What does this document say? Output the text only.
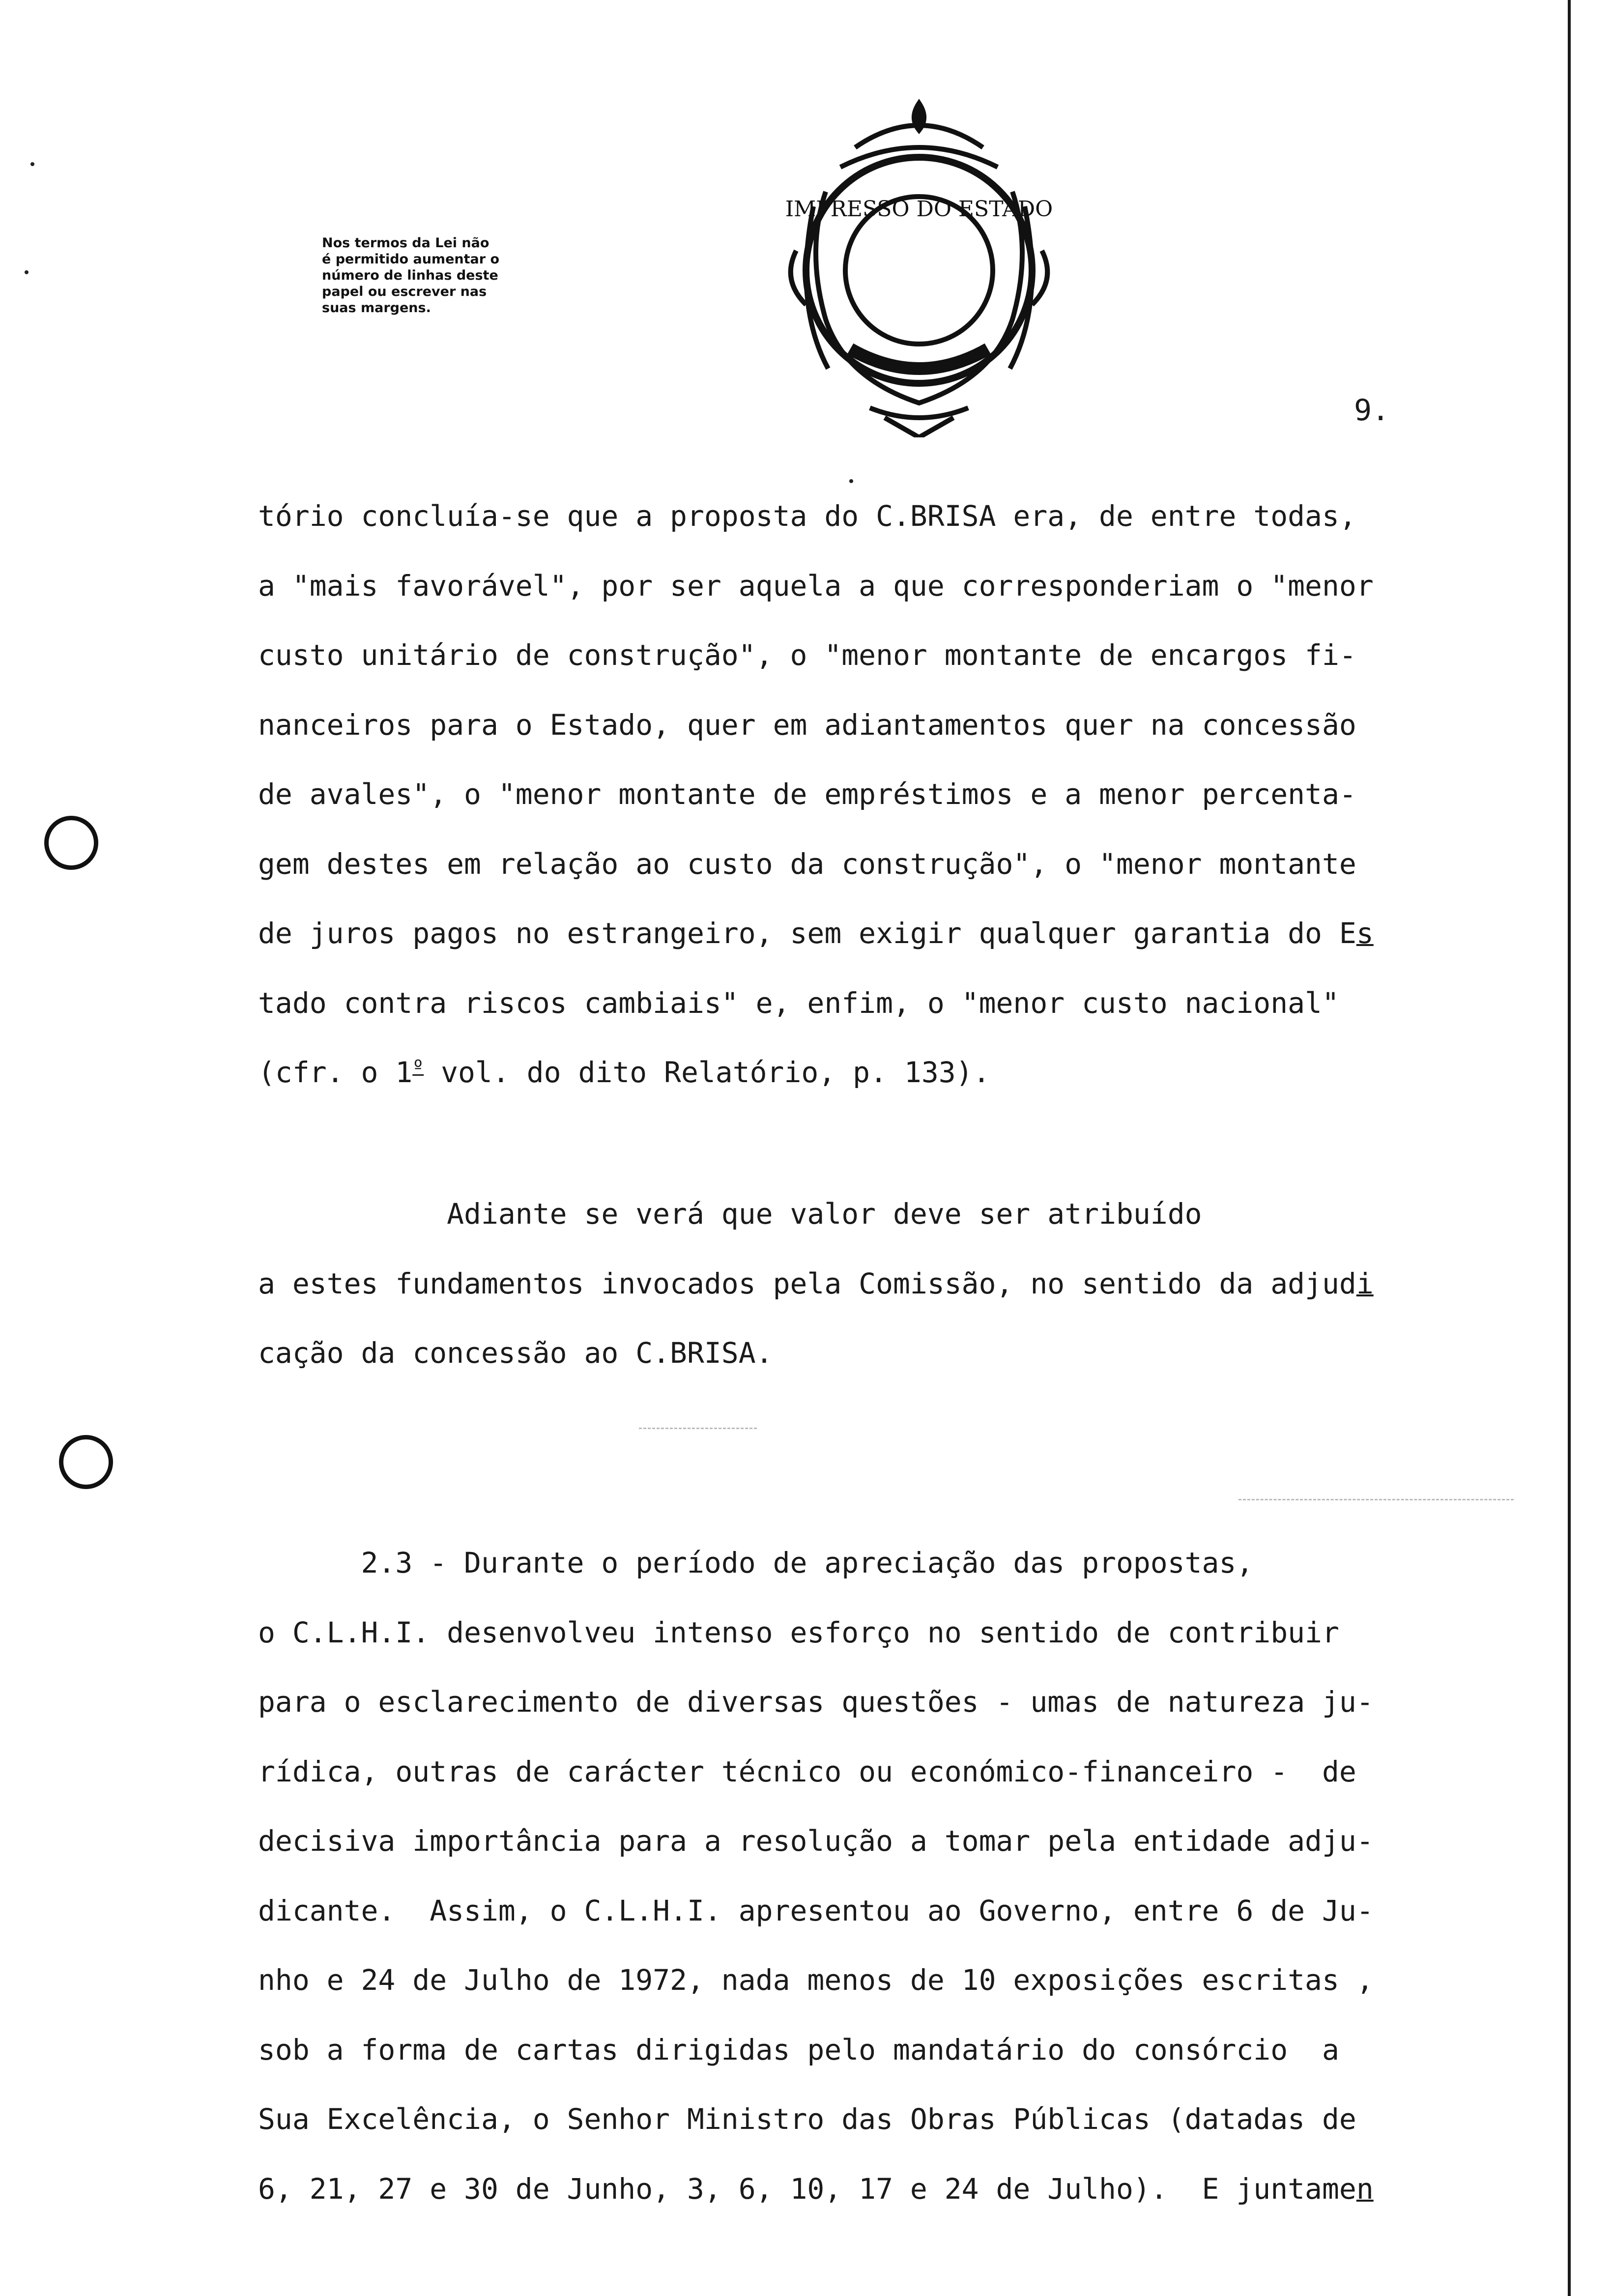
Nos termos da Lei não
é permitido aumentar o
número de linhas deste
papel ou escrever nas
suas margens.
IMPRESSO DO ESTADO
9.
tório concluía-se que a proposta do C.BRISA era, de entre todas,
a "mais favorável", por ser aquela a que corresponderiam o "menor
custo unitário de construção", o "menor montante de encargos fi-
nanceiros para o Estado, quer em adiantamentos quer na concessão
de avales", o "menor montante de empréstimos e a menor percenta-
gem destes em relação ao custo da construção", o "menor montante
de juros pagos no estrangeiro, sem exigir qualquer garantia do Es
tado contra riscos cambiais" e, enfim, o "menor custo nacional"
(cfr. o $1^º$ vol. do dito Relatório, p. 133).
Adiante se verá que valor deve ser atribuído
a estes fundamentos invocados pela Comissão, no sentido da adjudi
cação da concessão ao C.BRISA.
2.3 - Durante o período de apreciação das propostas,
o C.L.H.I. desenvolveu intenso esforço no sentido de contribuir
para o esclarecimento de diversas questões - umas de natureza ju-
rídica, outras de carácter técnico ou económico-financeiro -  de
decisiva importância para a resolução a tomar pela entidade adju-
dicante.  Assim, o C.L.H.I. apresentou ao Governo, entre 6 de Ju-
nho e 24 de Julho de 1972, nada menos de 10 exposições escritas ,
sob a forma de cartas dirigidas pelo mandatário do consórcio  a
Sua Excelência, o Senhor Ministro das Obras Públicas (datadas de
6, 21, 27 e 30 de Junho, 3, 6, 10, 17 e 24 de Julho).  E juntamen
